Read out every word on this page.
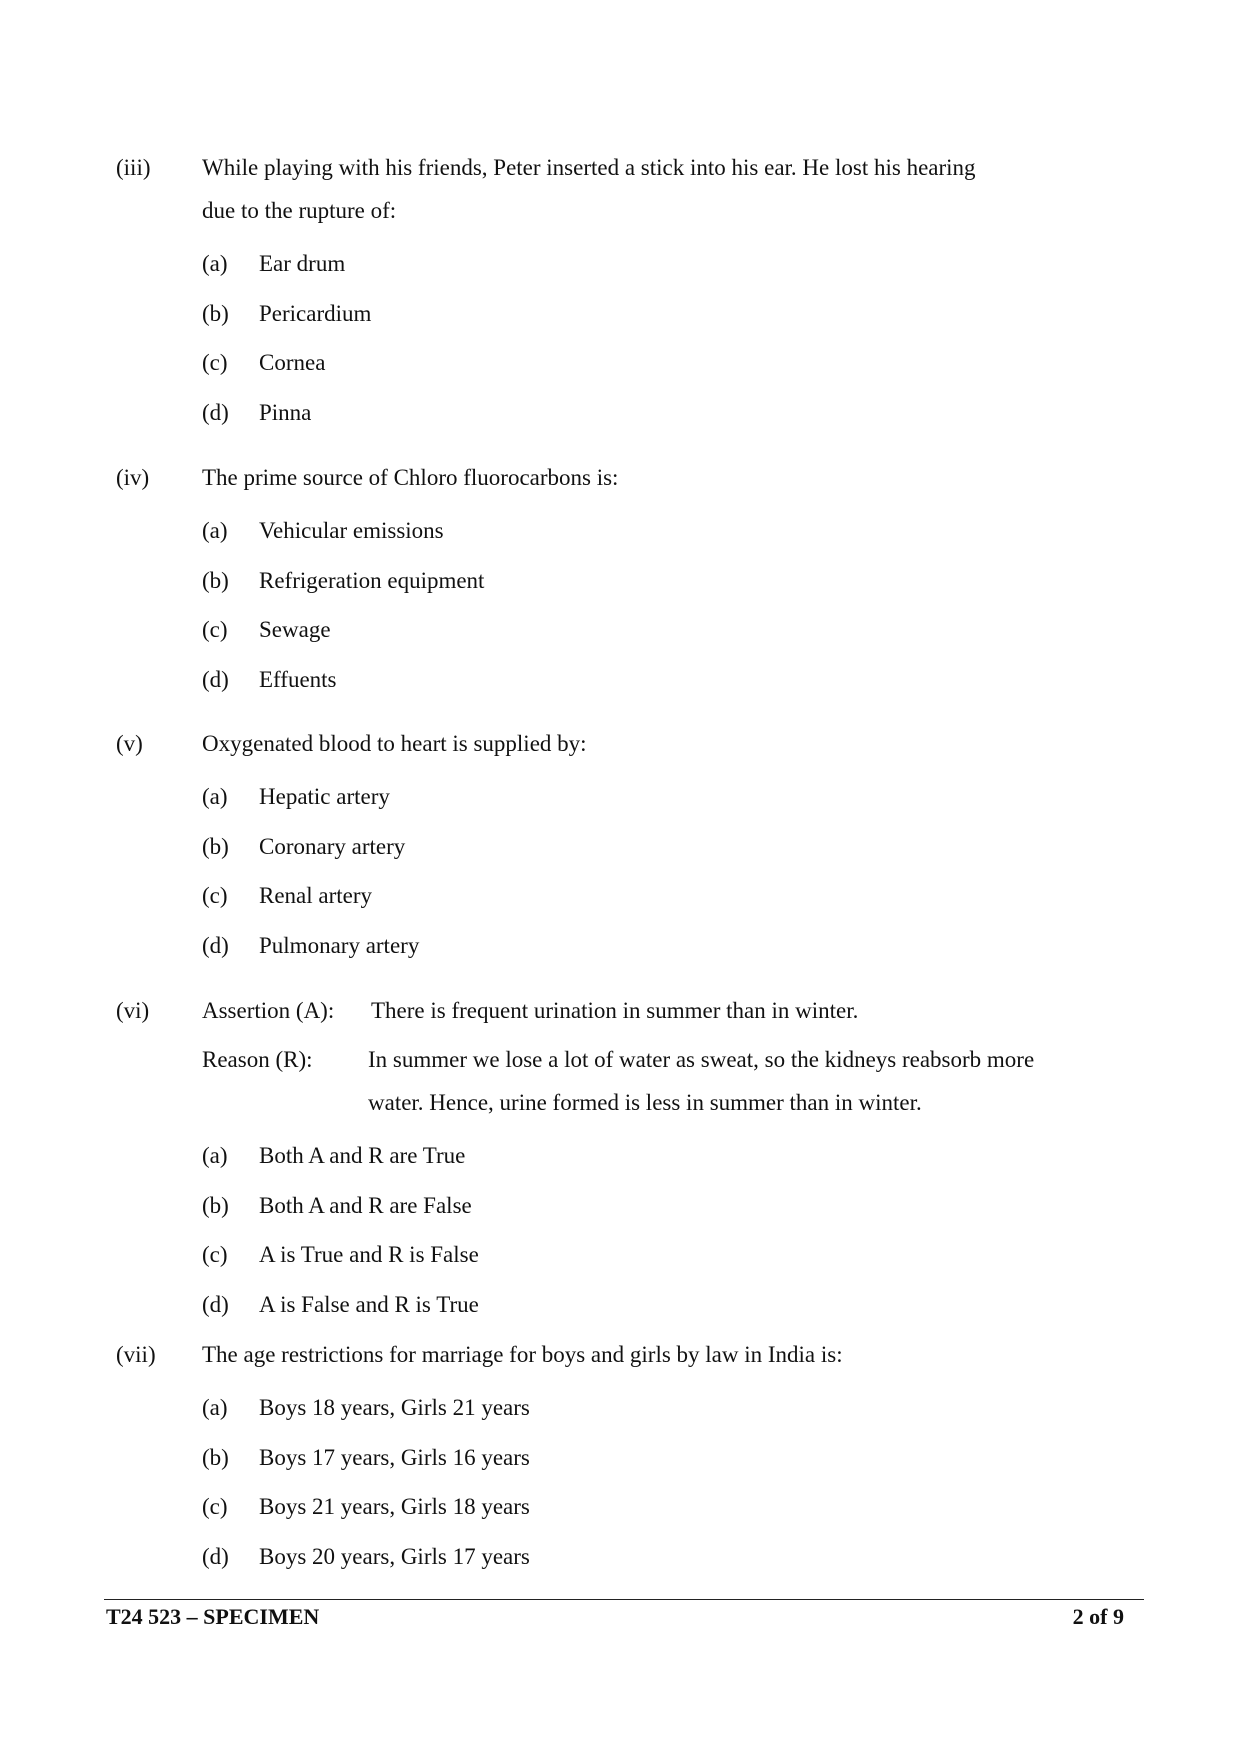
(iii) While playing with his friends, Peter inserted a stick into his ear. He lost his hearing due to the rupture of:
(a)	Ear drum
(b)	Pericardium
(c)	Cornea
(d)	Pinna
(iv) The prime source of Chloro fluorocarbons is:
(a)	Vehicular emissions
(b)	Refrigeration equipment
(c)	Sewage
(d)	Effuents
(v)	Oxygenated blood to heart is supplied by:
(a)	Hepatic artery
(b)	Coronary artery
(c)	Renal artery
(d)	Pulmonary artery
(vi) Assertion (A): There is frequent urination in summer than in winter.
Reason (R): In summer we lose a lot of water as sweat, so the kidneys reabsorb more water. Hence, urine formed is less in summer than in winter.
(a)	Both A and R are True
(b)	Both A and R are False
(c)	A is True and R is False
(d)	A is False and R is True
(vii) The age restrictions for marriage for boys and girls by law in India is:
(a)	Boys 18 years, Girls 21 years
(b)	Boys 17 years, Girls 16 years
(c)	Boys 21 years, Girls 18 years
(d)	Boys 20 years, Girls 17 years
T24 523 – SPECIMEN	2 of 9
